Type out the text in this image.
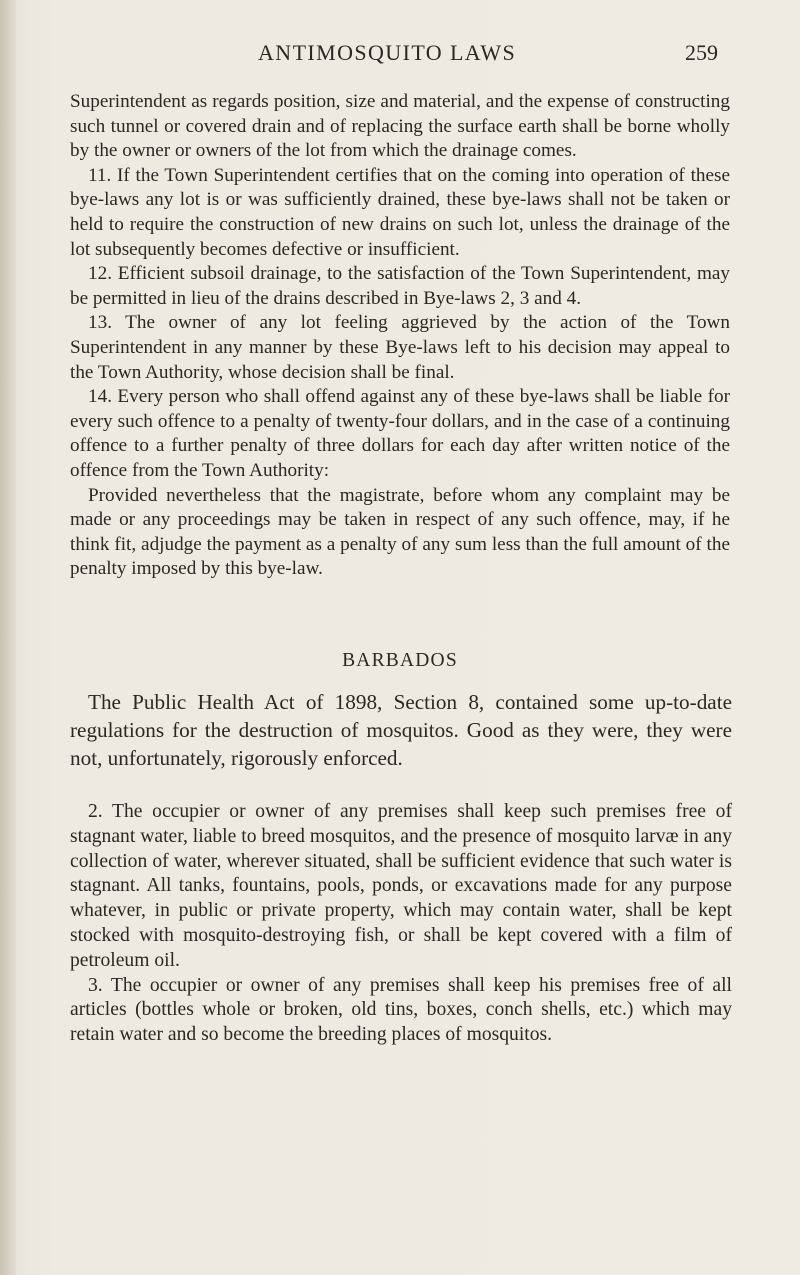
ANTIMOSQUITO LAWS	259

Superintendent as regards position, size and material, and the expense of constructing such tunnel or covered drain and of replacing the surface earth shall be borne wholly by the owner or owners of the lot from which the drainage comes.

11. If the Town Superintendent certifies that on the coming into operation of these bye-laws any lot is or was sufficiently drained, these bye-laws shall not be taken or held to require the construction of new drains on such lot, unless the drainage of the lot subsequently becomes defective or insufficient.

12. Efficient subsoil drainage, to the satisfaction of the Town Superintendent, may be permitted in lieu of the drains described in Bye-laws 2, 3 and 4.

13. The owner of any lot feeling aggrieved by the action of the Town Superintendent in any manner by these Bye-laws left to his decision may appeal to the Town Authority, whose decision shall be final.

14. Every person who shall offend against any of these bye-laws shall be liable for every such offence to a penalty of twenty-four dollars, and in the case of a continuing offence to a further penalty of three dollars for each day after written notice of the offence from the Town Authority:

Provided nevertheless that the magistrate, before whom any complaint may be made or any proceedings may be taken in respect of any such offence, may, if he think fit, adjudge the payment as a penalty of any sum less than the full amount of the penalty imposed by this bye-law.

BARBADOS

The Public Health Act of 1898, Section 8, contained some up-to-date regulations for the destruction of mosquitos. Good as they were, they were not, unfortunately, rigorously enforced.

2. The occupier or owner of any premises shall keep such premises free of stagnant water, liable to breed mosquitos, and the presence of mosquito larvæ in any collection of water, wherever situated, shall be sufficient evidence that such water is stagnant. All tanks, fountains, pools, ponds, or excavations made for any purpose whatever, in public or private property, which may contain water, shall be kept stocked with mosquito-destroying fish, or shall be kept covered with a film of petroleum oil.

3. The occupier or owner of any premises shall keep his premises free of all articles (bottles whole or broken, old tins, boxes, conch shells, etc.) which may retain water and so become the breeding places of mosquitos.
